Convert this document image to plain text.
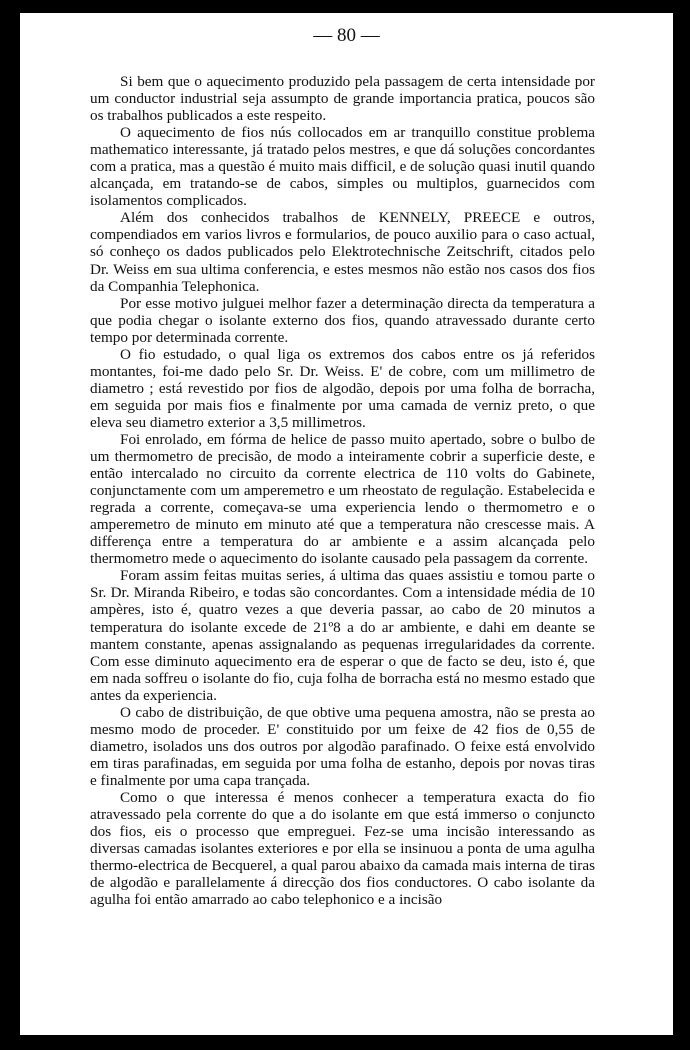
— 80 —

Si bem que o aquecimento produzido pela passagem de certa intensidade por um conductor industrial seja assumpto de grande importancia pratica, poucos são os trabalhos publicados a este respeito.

O aquecimento de fios nús collocados em ar tranquillo constitue problema mathematico interessante, já tratado pelos mestres, e que dá soluções concordantes com a pratica, mas a questão é muito mais difficil, e de solução quasi inutil quando alcançada, em tratando-se de cabos, simples ou multiplos, guarnecidos com isolamentos complicados.

Além dos conhecidos trabalhos de KENNELY, PREECE e outros, compendiados em varios livros e formularios, de pouco auxilio para o caso actual, só conheço os dados publicados pelo Elektrotechnische Zeitschrift, citados pelo Dr. Weiss em sua ultima conferencia, e estes mesmos não estão nos casos dos fios da Companhia Telephonica.

Por esse motivo julguei melhor fazer a determinação directa da temperatura a que podia chegar o isolante externo dos fios, quando atravessado durante certo tempo por determinada corrente.

O fio estudado, o qual liga os extremos dos cabos entre os já referidos montantes, foi-me dado pelo Sr. Dr. Weiss. E' de cobre, com um millimetro de diametro ; está revestido por fios de algodão, depois por uma folha de borracha, em seguida por mais fios e finalmente por uma camada de verniz preto, o que eleva seu diametro exterior a 3,5 millimetros.

Foi enrolado, em fórma de helice de passo muito apertado, sobre o bulbo de um thermometro de precisão, de modo a inteiramente cobrir a superficie deste, e então intercalado no circuito da corrente electrica de 110 volts do Gabinete, conjunctamente com um amperemetro e um rheostato de regulação. Estabelecida e regrada a corrente, começava-se uma experiencia lendo o thermometro e o amperemetro de minuto em minuto até que a temperatura não crescesse mais. A differença entre a temperatura do ar ambiente e a assim alcançada pelo thermometro mede o aquecimento do isolante causado pela passagem da corrente.

Foram assim feitas muitas series, á ultima das quaes assistiu e tomou parte o Sr. Dr. Miranda Ribeiro, e todas são concordantes. Com a intensidade média de 10 ampères, isto é, quatro vezes a que deveria passar, ao cabo de 20 minutos a temperatura do isolante excede de 21º8 a do ar ambiente, e dahi em deante se mantem constante, apenas assignalando as pequenas irregularidades da corrente. Com esse diminuto aquecimento era de esperar o que de facto se deu, isto é, que em nada soffreu o isolante do fio, cuja folha de borracha está no mesmo estado que antes da experiencia.

O cabo de distribuição, de que obtive uma pequena amostra, não se presta ao mesmo modo de proceder. E' constituido por um feixe de 42 fios de 0,55 de diametro, isolados uns dos outros por algodão parafinado. O feixe está envolvido em tiras parafinadas, em seguida por uma folha de estanho, depois por novas tiras e finalmente por uma capa trançada.

Como o que interessa é menos conhecer a temperatura exacta do fio atravessado pela corrente do que a do isolante em que está immerso o conjuncto dos fios, eis o processo que empreguei. Fez-se uma incisão interessando as diversas camadas isolantes exteriores e por ella se insinuou a ponta de uma agulha thermo-electrica de Becquerel, a qual parou abaixo da camada mais interna de tiras de algodão e parallelamente á direcção dos fios conductores. O cabo isolante da agulha foi então amarrado ao cabo telephonico e a incisão
